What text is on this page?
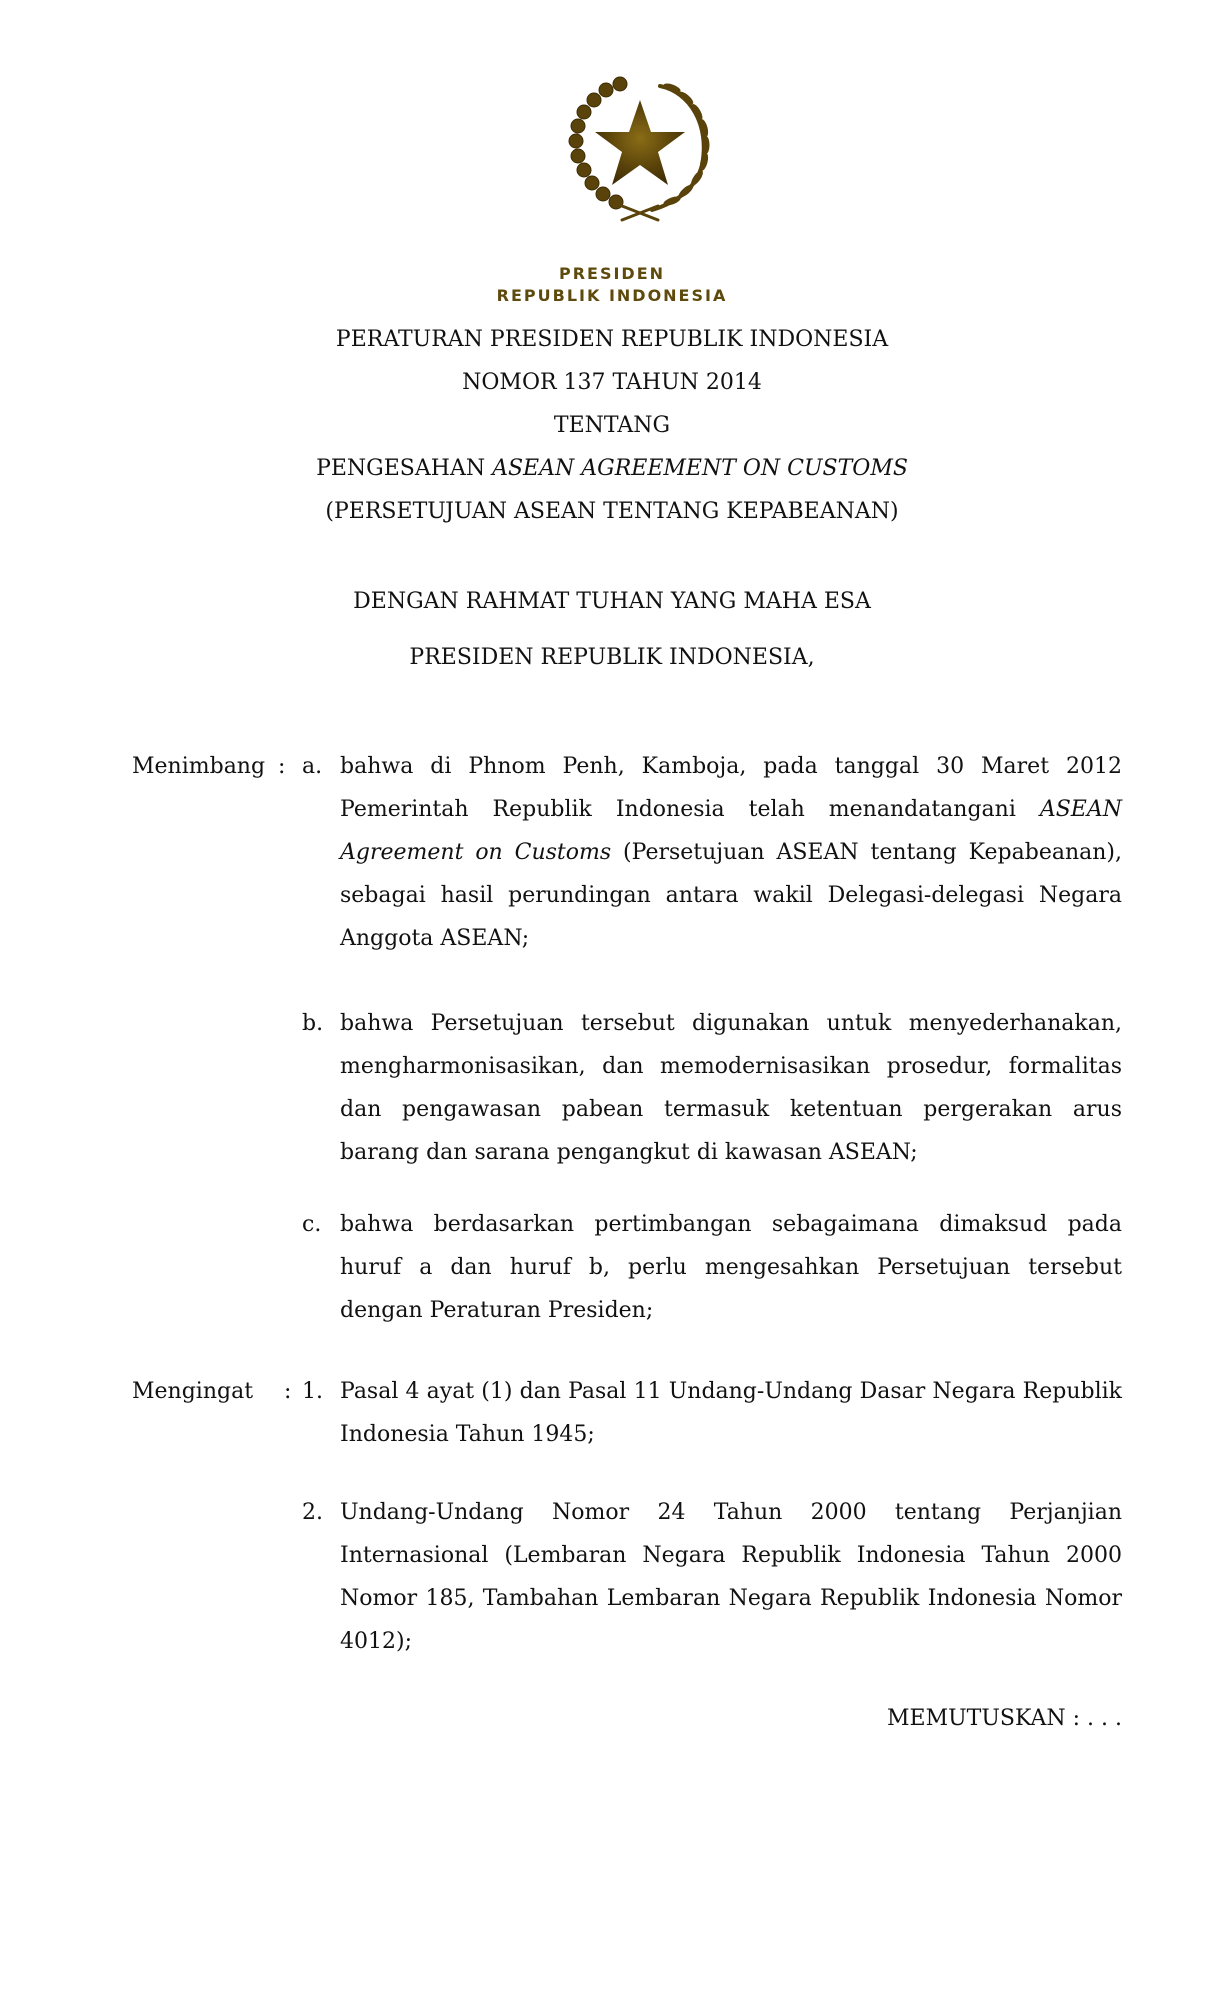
PRESIDEN
REPUBLIK INDONESIA
PERATURAN PRESIDEN REPUBLIK INDONESIA
NOMOR 137 TAHUN 2014
TENTANG
PENGESAHAN ASEAN AGREEMENT ON CUSTOMS
(PERSETUJUAN ASEAN TENTANG KEPABEANAN)
DENGAN RAHMAT TUHAN YANG MAHA ESA
PRESIDEN REPUBLIK INDONESIA,
Menimbang : a. bahwa di Phnom Penh, Kamboja, pada tanggal 30 Maret 2012 Pemerintah Republik Indonesia telah menandatangani ASEAN Agreement on Customs (Persetujuan ASEAN tentang Kepabeanan), sebagai hasil perundingan antara wakil Delegasi-delegasi Negara Anggota ASEAN;
b. bahwa Persetujuan tersebut digunakan untuk menyederhanakan, mengharmonisasikan, dan memodernisasikan prosedur, formalitas dan pengawasan pabean termasuk ketentuan pergerakan arus barang dan sarana pengangkut di kawasan ASEAN;
c. bahwa berdasarkan pertimbangan sebagaimana dimaksud pada huruf a dan huruf b, perlu mengesahkan Persetujuan tersebut dengan Peraturan Presiden;
Mengingat	: 1. Pasal 4 ayat (1) dan Pasal 11 Undang-Undang Dasar Negara Republik Indonesia Tahun 1945;
2. Undang-Undang Nomor 24 Tahun 2000 tentang Perjanjian Internasional (Lembaran Negara Republik Indonesia Tahun 2000 Nomor 185, Tambahan Lembaran Negara Republik Indonesia Nomor 4012);
MEMUTUSKAN : . . .
